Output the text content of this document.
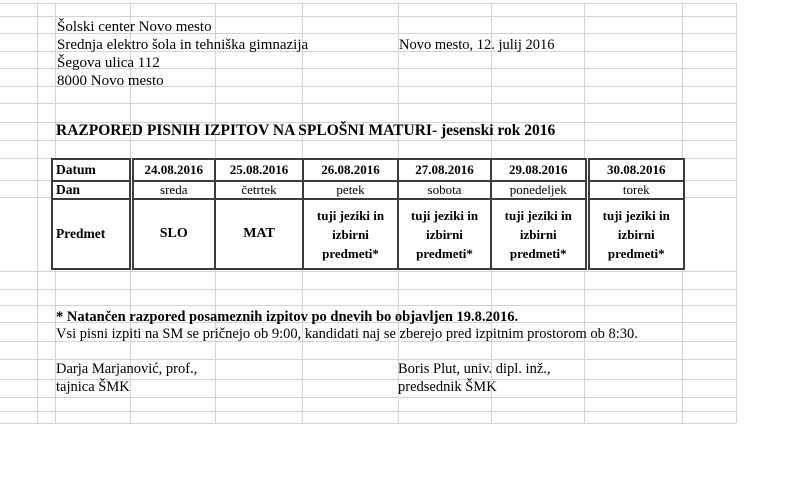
Šolski center Novo mesto
Srednja elektro šola in tehniška gimnazija
Šegova ulica 112
8000 Novo mesto
Novo mesto, 12. julij 2016
RAZPORED PISNIH IZPITOV NA SPLOŠNI MATURI- jesenski rok 2016
Datum	24.08.2016	25.08.2016	26.08.2016	27.08.2016	29.08.2016	30.08.2016
Dan	sreda	četrtek	petek	sobota	ponedeljek	torek
Predmet	SLO	MAT	tuji jeziki in izbirni predmeti*	tuji jeziki in izbirni predmeti*	tuji jeziki in izbirni predmeti*	tuji jeziki in izbirni predmeti*
* Natančen razpored posameznih izpitov po dnevih bo objavljen 19.8.2016.
Vsi pisni izpiti na SM se pričnejo ob 9:00, kandidati naj se zberejo pred izpitnim prostorom ob 8:30.
Darja Marjanović, prof.,
tajnica ŠMK
Boris Plut, univ. dipl. inž.,
predsednik ŠMK
